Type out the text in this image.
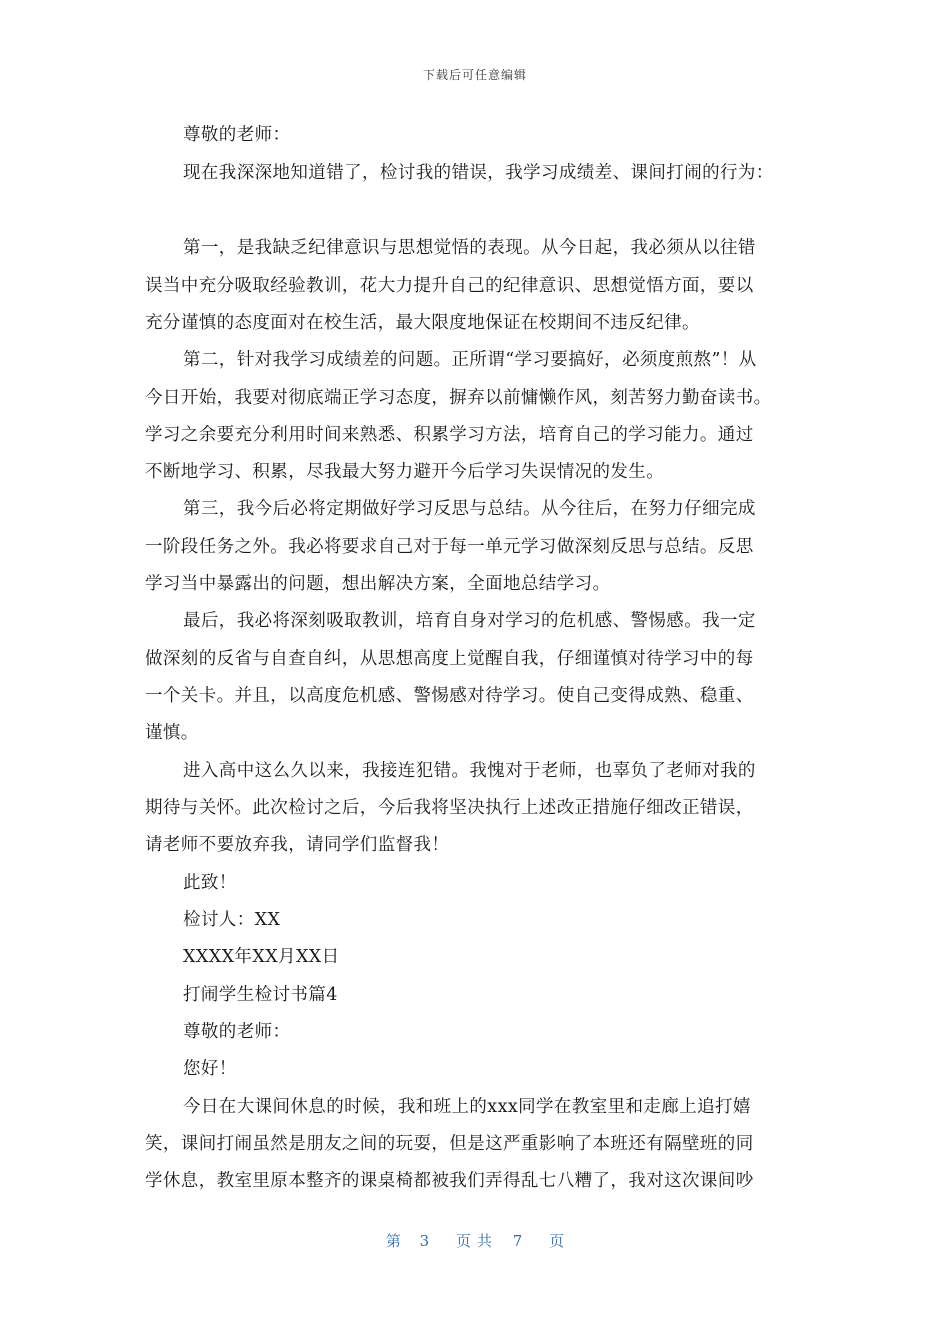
下载后可任意编辑
尊敬的老师：
现在我深深地知道错了，检讨我的错误，我学习成绩差、课间打闹的行为：
第一，是我缺乏纪律意识与思想觉悟的表现。从今日起，我必须从以往错
误当中充分吸取经验教训，花大力提升自己的纪律意识、思想觉悟方面，要以
充分谨慎的态度面对在校生活，最大限度地保证在校期间不违反纪律。
第二，针对我学习成绩差的问题。正所谓“学习要搞好，必须度煎熬”！从
今日开始，我要对彻底端正学习态度，摒弃以前慵懒作风，刻苦努力勤奋读书。
学习之余要充分利用时间来熟悉、积累学习方法，培育自己的学习能力。通过
不断地学习、积累，尽我最大努力避开今后学习失误情况的发生。
第三，我今后必将定期做好学习反思与总结。从今往后，在努力仔细完成
一阶段任务之外。我必将要求自己对于每一单元学习做深刻反思与总结。反思
学习当中暴露出的问题，想出解决方案，全面地总结学习。
最后，我必将深刻吸取教训，培育自身对学习的危机感、警惕感。我一定
做深刻的反省与自查自纠，从思想高度上觉醒自我，仔细谨慎对待学习中的每
一个关卡。并且，以高度危机感、警惕感对待学习。使自己变得成熟、稳重、
谨慎。
进入高中这么久以来，我接连犯错。我愧对于老师，也辜负了老师对我的
期待与关怀。此次检讨之后，今后我将坚决执行上述改正措施仔细改正错误，
请老师不要放弃我，请同学们监督我！
此致！
检讨人：XX
XXXX年XX月XX日
打闹学生检讨书篇4
尊敬的老师：
您好！
今日在大课间休息的时候，我和班上的xxx同学在教室里和走廊上追打嬉
笑，课间打闹虽然是朋友之间的玩耍，但是这严重影响了本班还有隔壁班的同
学休息，教室里原本整齐的课桌椅都被我们弄得乱七八糟了，我对这次课间吵
第 3 页共 7 页
